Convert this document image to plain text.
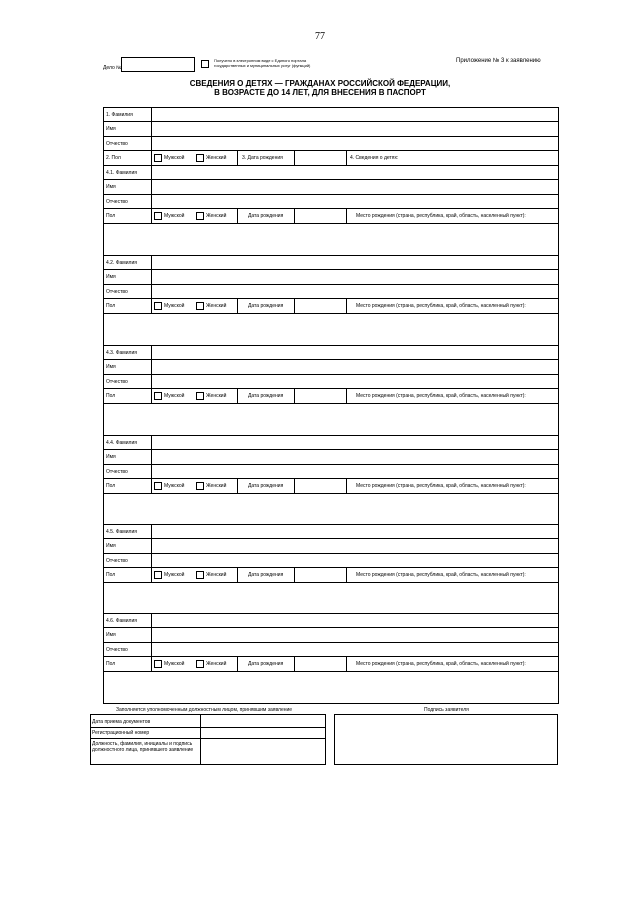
77
Дело №
Получено в электронном виде с Единого портала государственных и муниципальных услуг (функций)
Приложение № 3 к заявлению
СВЕДЕНИЯ О ДЕТЯХ — ГРАЖДАНАХ РОССИЙСКОЙ ФЕДЕРАЦИИ,
В ВОЗРАСТЕ ДО 14 ЛЕТ, ДЛЯ ВНЕСЕНИЯ В ПАСПОРТ
1. Фамилия
Имя
Отчество
2. Пол	Мужской	Женский	3. Дата рождения	4. Сведения о детях:
4.1. Фамилия
Имя
Отчество
Пол	Мужской	Женский	Дата рождения	Место рождения (страна, республика, край, область, населенный пункт):
4.2. Фамилия
Имя
Отчество
Пол	Мужской	Женский	Дата рождения	Место рождения (страна, республика, край, область, населенный пункт):
4.3. Фамилия
Имя
Отчество
Пол	Мужской	Женский	Дата рождения	Место рождения (страна, республика, край, область, населенный пункт):
4.4. Фамилия
Имя
Отчество
Пол	Мужской	Женский	Дата рождения	Место рождения (страна, республика, край, область, населенный пункт):
4.5. Фамилия
Имя
Отчество
Пол	Мужской	Женский	Дата рождения	Место рождения (страна, республика, край, область, населенный пункт):
4.6. Фамилия
Имя
Отчество
Пол	Мужской	Женский	Дата рождения	Место рождения (страна, республика, край, область, населенный пункт):
Заполняется уполномоченным должностным лицом, принявшим заявление	Подпись заявителя
Дата приема документов
Регистрационный номер
Должность, фамилия, инициалы и подпись должностного лица, принявшего заявление
